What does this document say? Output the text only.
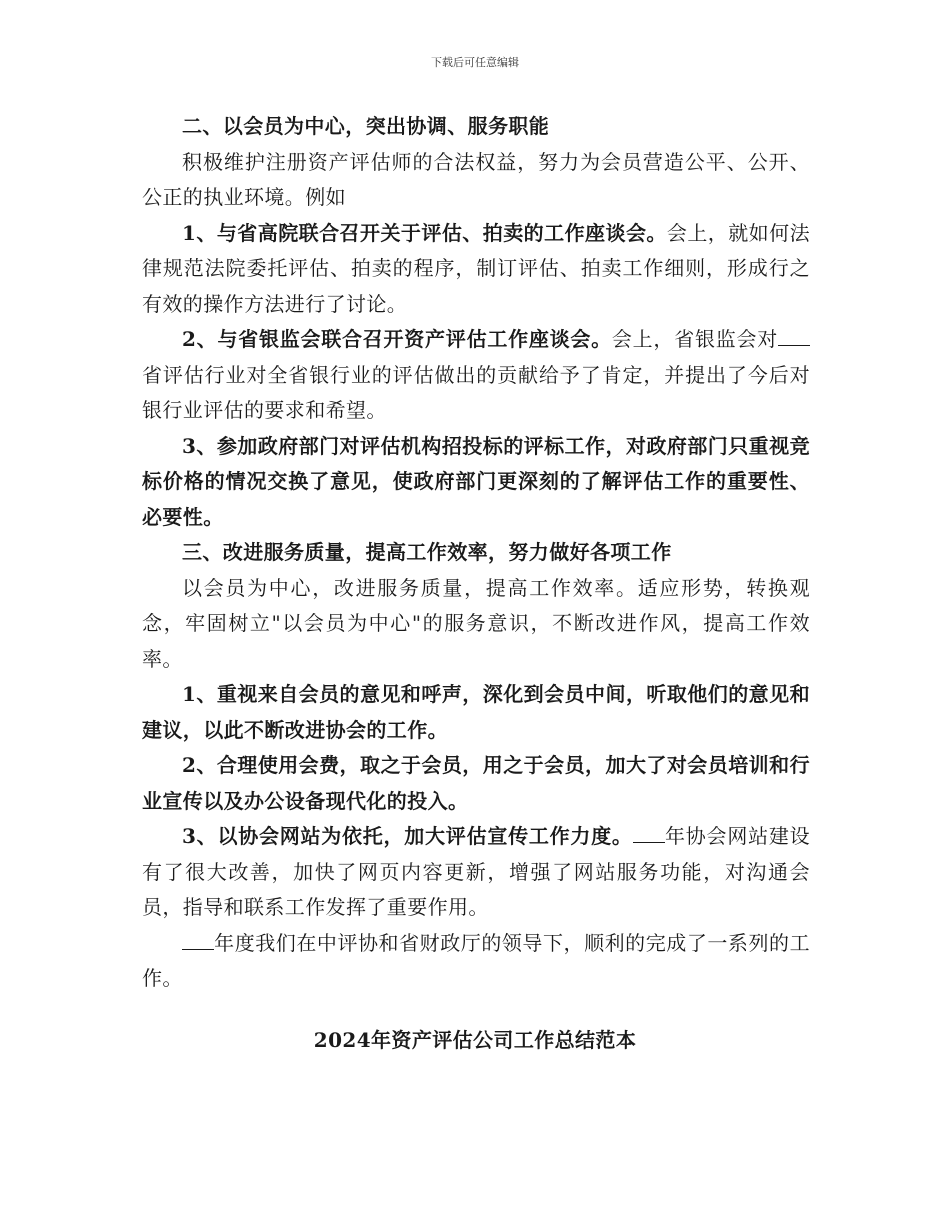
下载后可任意编辑

二、以会员为中心，突出协调、服务职能

积极维护注册资产评估师的合法权益，努力为会员营造公平、公开、公正的执业环境。例如

1、与省高院联合召开关于评估、拍卖的工作座谈会。会上，就如何法律规范法院委托评估、拍卖的程序，制订评估、拍卖工作细则，形成行之有效的操作方法进行了讨论。

2、与省银监会联合召开资产评估工作座谈会。会上，省银监会对省评估行业对全省银行业的评估做出的贡献给予了肯定，并提出了今后对银行业评估的要求和希望。

3、参加政府部门对评估机构招投标的评标工作，对政府部门只重视竞标价格的情况交换了意见，使政府部门更深刻的了解评估工作的重要性、必要性。

三、改进服务质量，提高工作效率，努力做好各项工作

以会员为中心，改进服务质量，提高工作效率。适应形势，转换观念，牢固树立"以会员为中心"的服务意识，不断改进作风，提高工作效率。

1、重视来自会员的意见和呼声，深化到会员中间，听取他们的意见和建议，以此不断改进协会的工作。

2、合理使用会费，取之于会员，用之于会员，加大了对会员培训和行业宣传以及办公设备现代化的投入。

3、以协会网站为依托，加大评估宣传工作力度。 年协会网站建设有了很大改善，加快了网页内容更新，增强了网站服务功能，对沟通会员，指导和联系工作发挥了重要作用。

年度我们在中评协和省财政厅的领导下，顺利的完成了一系列的工作。

2024年资产评估公司工作总结范本
